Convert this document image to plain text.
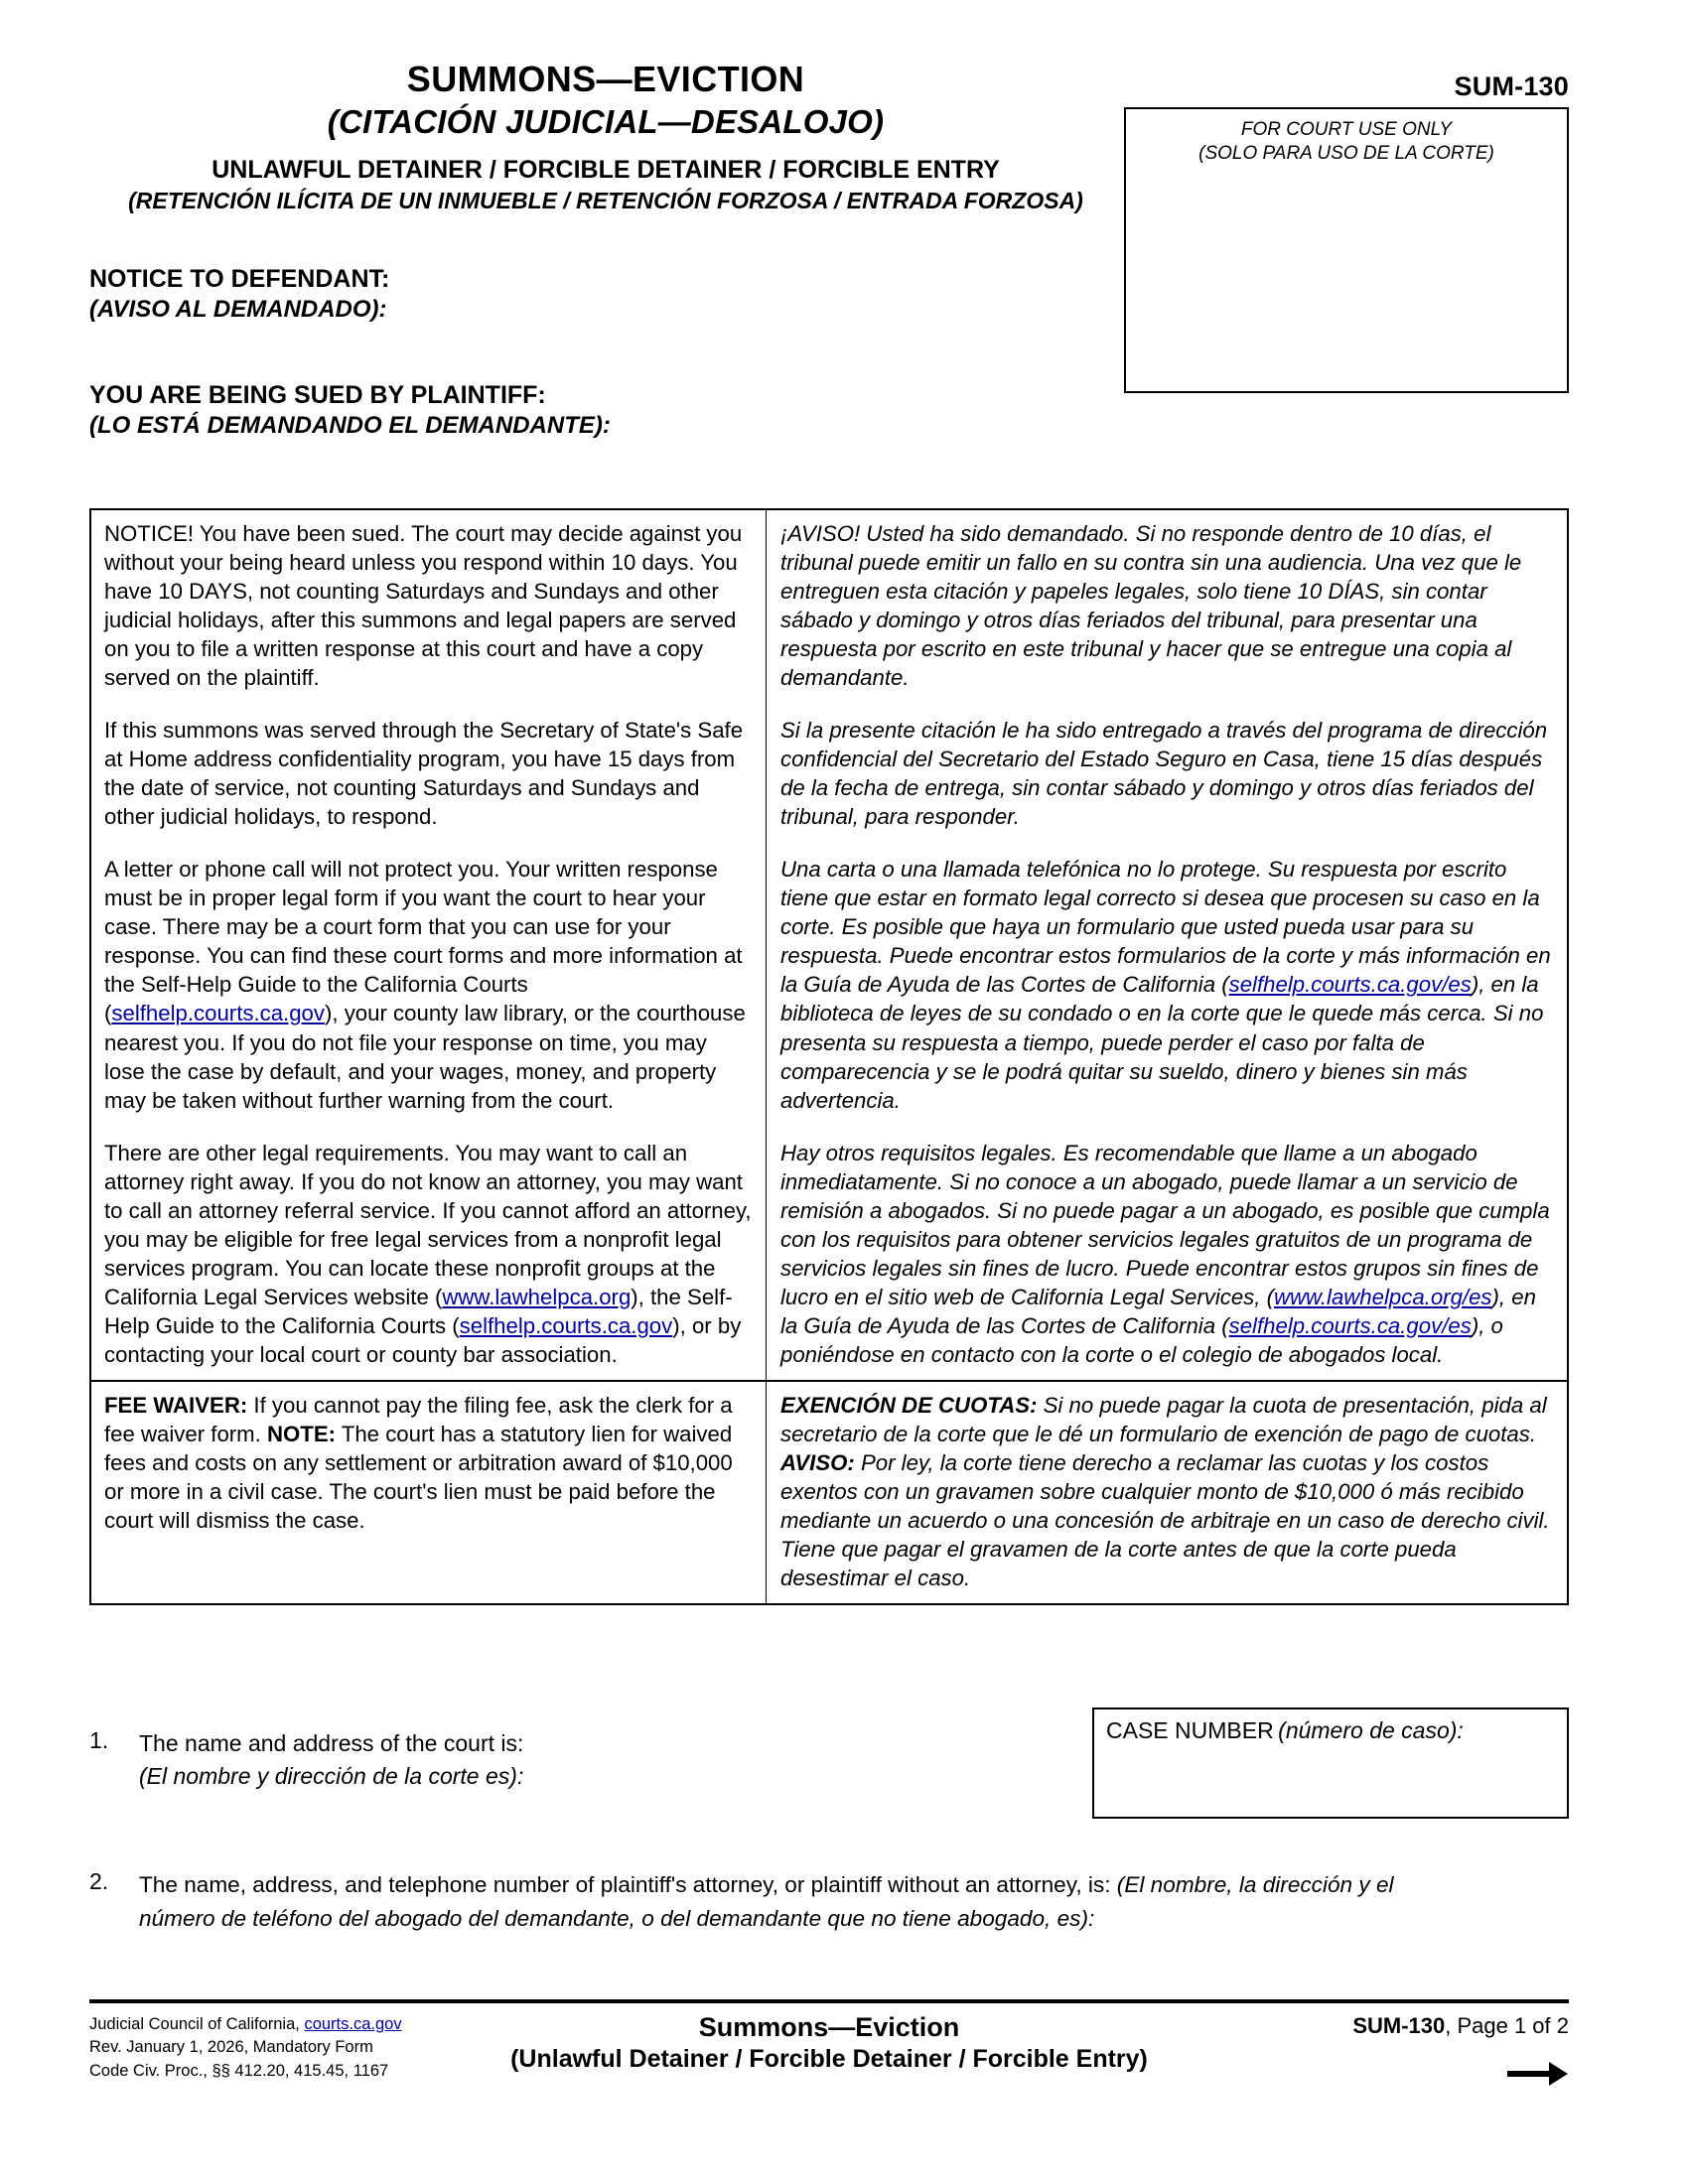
SUM-130
FOR COURT USE ONLY
(SOLO PARA USO DE LA CORTE)
SUMMONS—EVICTION
(CITACIÓN JUDICIAL—DESALOJO)
UNLAWFUL DETAINER / FORCIBLE DETAINER / FORCIBLE ENTRY
(RETENCIÓN ILÍCITA DE UN INMUEBLE / RETENCIÓN FORZOSA / ENTRADA FORZOSA)
NOTICE TO DEFENDANT:
(AVISO AL DEMANDADO):
YOU ARE BEING SUED BY PLAINTIFF:
(LO ESTÁ DEMANDANDO EL DEMANDANTE):

NOTICE! You have been sued. The court may decide against you without your being heard unless you respond within 10 days. You have 10 DAYS, not counting Saturdays and Sundays and other judicial holidays, after this summons and legal papers are served on you to file a written response at this court and have a copy served on the plaintiff.

If this summons was served through the Secretary of State's Safe at Home address confidentiality program, you have 15 days from the date of service, not counting Saturdays and Sundays and other judicial holidays, to respond.

A letter or phone call will not protect you. Your written response must be in proper legal form if you want the court to hear your case. There may be a court form that you can use for your response. You can find these court forms and more information at the Self-Help Guide to the California Courts (selfhelp.courts.ca.gov), your county law library, or the courthouse nearest you. If you do not file your response on time, you may lose the case by default, and your wages, money, and property may be taken without further warning from the court.

There are other legal requirements. You may want to call an attorney right away. If you do not know an attorney, you may want to call an attorney referral service. If you cannot afford an attorney, you may be eligible for free legal services from a nonprofit legal services program. You can locate these nonprofit groups at the California Legal Services website (www.lawhelpca.org), the Self-Help Guide to the California Courts (selfhelp.courts.ca.gov), or by contacting your local court or county bar association.

¡AVISO! Usted ha sido demandado. Si no responde dentro de 10 días, el tribunal puede emitir un fallo en su contra sin una audiencia. Una vez que le entreguen esta citación y papeles legales, solo tiene 10 DÍAS, sin contar sábado y domingo y otros días feriados del tribunal, para presentar una respuesta por escrito en este tribunal y hacer que se entregue una copia al demandante.

Si la presente citación le ha sido entregado a través del programa de dirección confidencial del Secretario del Estado Seguro en Casa, tiene 15 días después de la fecha de entrega, sin contar sábado y domingo y otros días feriados del tribunal, para responder.

Una carta o una llamada telefónica no lo protege. Su respuesta por escrito tiene que estar en formato legal correcto si desea que procesen su caso en la corte. Es posible que haya un formulario que usted pueda usar para su respuesta. Puede encontrar estos formularios de la corte y más información en la Guía de Ayuda de las Cortes de California (selfhelp.courts.ca.gov/es), en la biblioteca de leyes de su condado o en la corte que le quede más cerca. Si no presenta su respuesta a tiempo, puede perder el caso por falta de comparecencia y se le podrá quitar su sueldo, dinero y bienes sin más advertencia.

Hay otros requisitos legales. Es recomendable que llame a un abogado inmediatamente. Si no conoce a un abogado, puede llamar a un servicio de remisión a abogados. Si no puede pagar a un abogado, es posible que cumpla con los requisitos para obtener servicios legales gratuitos de un programa de servicios legales sin fines de lucro. Puede encontrar estos grupos sin fines de lucro en el sitio web de California Legal Services, (www.lawhelpca.org/es), en la Guía de Ayuda de las Cortes de California (selfhelp.courts.ca.gov/es), o poniéndose en contacto con la corte o el colegio de abogados local.

FEE WAIVER: If you cannot pay the filing fee, ask the clerk for a fee waiver form. NOTE: The court has a statutory lien for waived fees and costs on any settlement or arbitration award of $10,000 or more in a civil case. The court's lien must be paid before the court will dismiss the case.

EXENCIÓN DE CUOTAS: Si no puede pagar la cuota de presentación, pida al secretario de la corte que le dé un formulario de exención de pago de cuotas. AVISO: Por ley, la corte tiene derecho a reclamar las cuotas y los costos exentos con un gravamen sobre cualquier monto de $10,000 ó más recibido mediante un acuerdo o una concesión de arbitraje en un caso de derecho civil. Tiene que pagar el gravamen de la corte antes de que la corte pueda desestimar el caso.

1. The name and address of the court is:
(El nombre y dirección de la corte es):
CASE NUMBER (número de caso):
2. The name, address, and telephone number of plaintiff's attorney, or plaintiff without an attorney, is: (El nombre, la dirección y el
número de teléfono del abogado del demandante, o del demandante que no tiene abogado, es):
Judicial Council of California, courts.ca.gov
Rev. January 1, 2026, Mandatory Form
Code Civ. Proc., §§ 412.20, 415.45, 1167
Summons—Eviction
(Unlawful Detainer / Forcible Detainer / Forcible Entry)
SUM-130, Page 1 of 2
